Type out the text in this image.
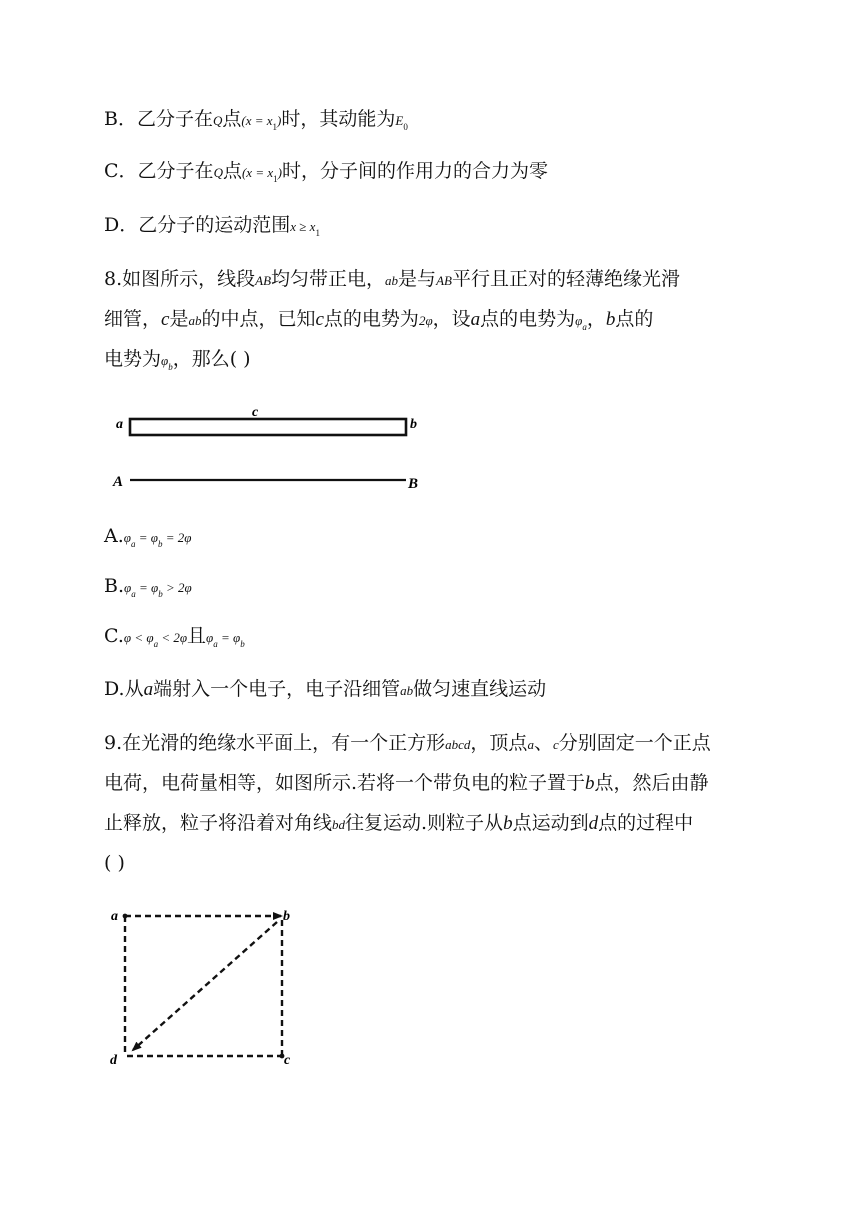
B．乙分子在Q点$(x = x_1)$时，其动能为$E_0$

C．乙分子在Q点$(x = x_1)$时，分子间的作用力的合力为零

D．乙分子的运动范围$x \ge x_1$

8.如图所示，线段AB均匀带正电，ab是与AB平行且正对的轻薄绝缘光滑

细管，c是ab的中点，已知c点的电势为2φ，设a点的电势为$\varphi_a$，b点的

电势为$\varphi_b$，那么( )

a	b
c
A	B

$A.\varphi_a = \varphi_b = 2\varphi$

$B.\varphi_a = \varphi_b > 2\varphi$

$C.\varphi < \varphi_a < 2\varphi$且$\varphi_a = \varphi_b$

D.从a端射入一个电子，电子沿细管ab做匀速直线运动

9.在光滑的绝缘水平面上，有一个正方形abcd，顶点a、c分别固定一个正点

电荷，电荷量相等，如图所示.若将一个带负电的粒子置于b点，然后由静

止释放，粒子将沿着对角线bd往复运动.则粒子从b点运动到d点的过程中

( )

a	b
c
d
